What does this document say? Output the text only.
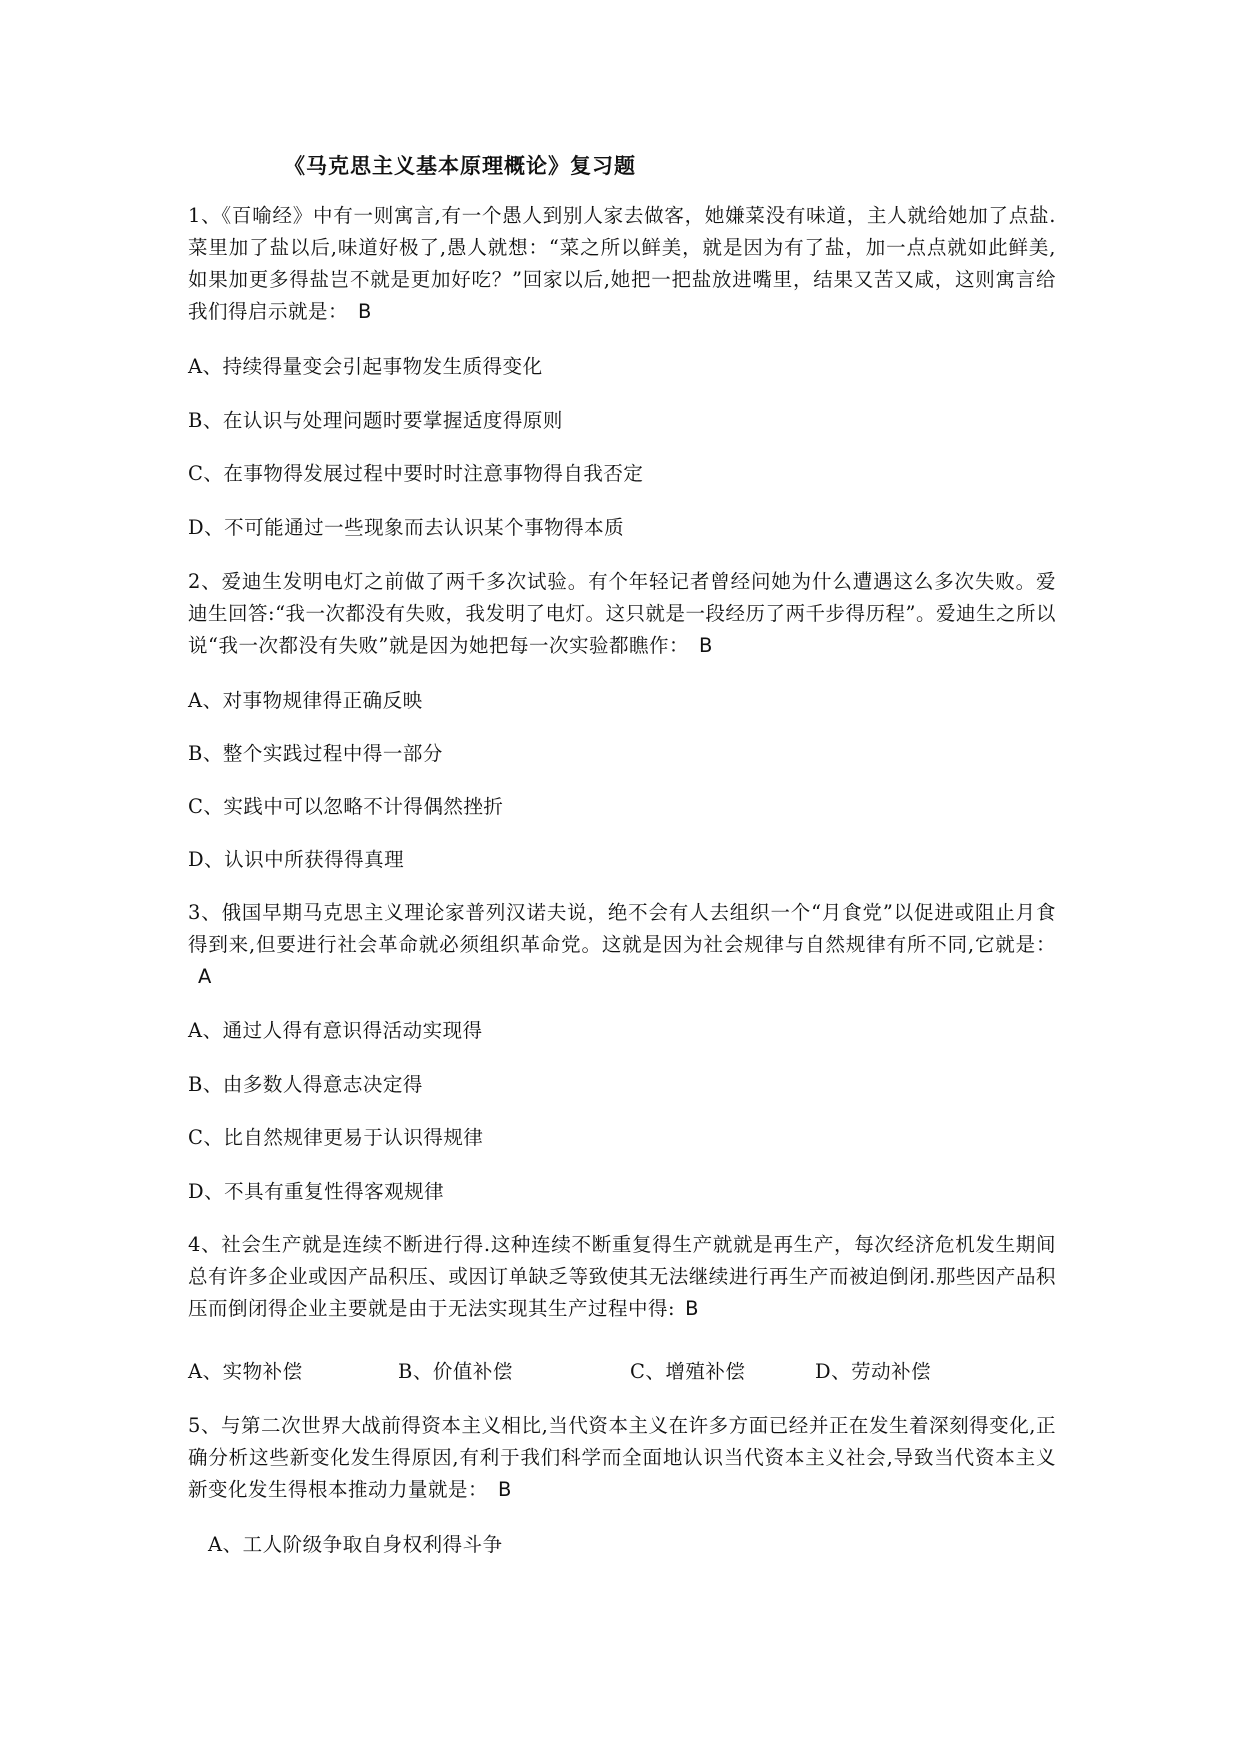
《马克思主义基本原理概论》复习题
1、《百喻经》中有一则寓言,有一个愚人到别人家去做客，她嫌菜没有味道，主人就给她加了点盐.菜里加了盐以后,味道好极了,愚人就想：“菜之所以鲜美，就是因为有了盐，加一点点就如此鲜美,如果加更多得盐岂不就是更加好吃？”回家以后,她把一把盐放进嘴里，结果又苦又咸，这则寓言给我们得启示就是： B
A、持续得量变会引起事物发生质得变化
B、在认识与处理问题时要掌握适度得原则
C、在事物得发展过程中要时时注意事物得自我否定
D、不可能通过一些现象而去认识某个事物得本质
2、爱迪生发明电灯之前做了两千多次试验。有个年轻记者曾经问她为什么遭遇这么多次失败。爱迪生回答:“我一次都没有失败，我发明了电灯。这只就是一段经历了两千步得历程”。爱迪生之所以说“我一次都没有失败”就是因为她把每一次实验都瞧作： B
A、对事物规律得正确反映
B、整个实践过程中得一部分
C、实践中可以忽略不计得偶然挫折
D、认识中所获得得真理
3、俄国早期马克思主义理论家普列汉诺夫说，绝不会有人去组织一个“月食党”以促进或阻止月食得到来,但要进行社会革命就必须组织革命党。这就是因为社会规律与自然规律有所不同,它就是：A
A、通过人得有意识得活动实现得
B、由多数人得意志决定得
C、比自然规律更易于认识得规律
D、不具有重复性得客观规律
4、社会生产就是连续不断进行得.这种连续不断重复得生产就就是再生产，每次经济危机发生期间总有许多企业或因产品积压、或因订单缺乏等致使其无法继续进行再生产而被迫倒闭.那些因产品积压而倒闭得企业主要就是由于无法实现其生产过程中得: B
A、实物补偿	B、价值补偿	C、增殖补偿	D、劳动补偿
5、与第二次世界大战前得资本主义相比,当代资本主义在许多方面已经并正在发生着深刻得变化,正确分析这些新变化发生得原因,有利于我们科学而全面地认识当代资本主义社会,导致当代资本主义新变化发生得根本推动力量就是： B
A、工人阶级争取自身权利得斗争
